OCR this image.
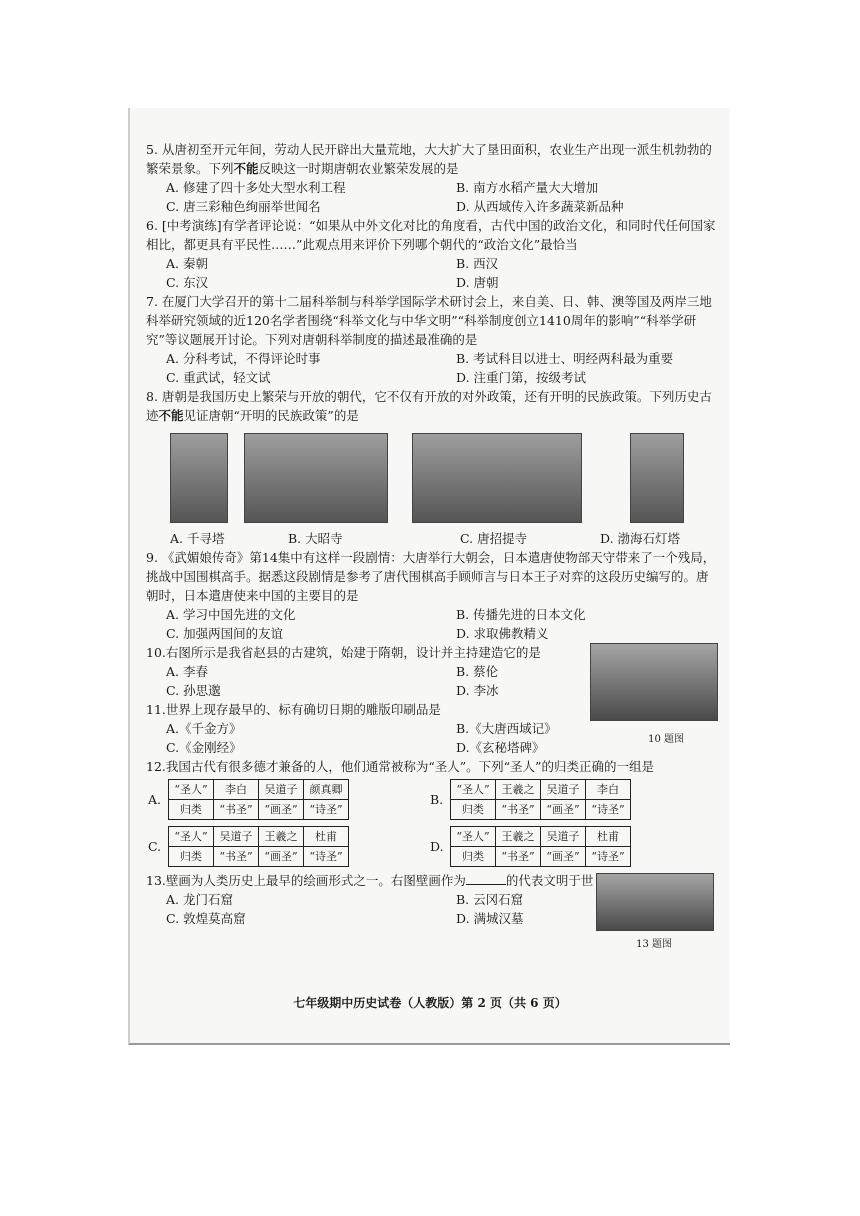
5. 从唐初至开元年间，劳动人民开辟出大量荒地，大大扩大了垦田面积，农业生产出现一派生机勃勃的繁荣景象。下列不能反映这一时期唐朝农业繁荣发展的是

A. 修建了四十多处大型水利工程	B. 南方水稻产量大大增加
C. 唐三彩釉色绚丽举世闻名	D. 从西域传入许多蔬菜新品种

6. [中考演练]有学者评论说：“如果从中外文化对比的角度看，古代中国的政治文化，和同时代任何国家相比，都更具有平民性……”此观点用来评价下列哪个朝代的“政治文化”最恰当

A. 秦朝	B. 西汉
C. 东汉	D. 唐朝

7. 在厦门大学召开的第十二届科举制与科举学国际学术研讨会上，来自美、日、韩、澳等国及两岸三地科举研究领域的近120名学者围绕“科举文化与中华文明”“科举制度创立1410周年的影响”“科举学研究”等议题展开讨论。下列对唐朝科举制度的描述最准确的是

A. 分科考试，不得评论时事	B. 考试科目以进士、明经两科最为重要
C. 重武试，轻文试	D. 注重门第，按级考试

8. 唐朝是我国历史上繁荣与开放的朝代，它不仅有开放的对外政策，还有开明的民族政策。下列历史古迹不能见证唐朝“开明的民族政策”的是

A. 千寻塔	B. 大昭寺	C. 唐招提寺	D. 渤海石灯塔

9. 《武媚娘传奇》第14集中有这样一段剧情：大唐举行大朝会，日本遣唐使物部天守带来了一个残局，挑战中国围棋高手。据悉这段剧情是参考了唐代围棋高手顾师言与日本王子对弈的这段历史编写的。唐朝时，日本遣唐使来中国的主要目的是

A. 学习中国先进的文化	B. 传播先进的日本文化
C. 加强两国间的友谊	D. 求取佛教精义

10.右图所示是我省赵县的古建筑，始建于隋朝，设计并主持建造它的是

A. 李春	B. 蔡伦
C. 孙思邈	D. 李冰
10 题图

11.世界上现存最早的、标有确切日期的雕版印刷品是

A.《千金方》	B.《大唐西域记》
C.《金刚经》	D.《玄秘塔碑》

12.我国古代有很多德才兼备的人，他们通常被称为“圣人”。下列“圣人”的归类正确的一组是

A.
“圣人”	李白	吴道子	颜真卿
归类	“书圣”	“画圣”	“诗圣”
B.
“圣人”	王羲之	吴道子	李白
归类	“书圣”	“画圣”	“诗圣”
C.
“圣人”	吴道子	王羲之	杜甫
归类	“书圣”	“画圣”	“诗圣”
D.
“圣人”	王羲之	吴道子	杜甫
归类	“书圣”	“画圣”	“诗圣”
13 题图

13.壁画为人类历史上最早的绘画形式之一。右图壁画作为	的代表文明于世

A. 龙门石窟	B. 云冈石窟
C. 敦煌莫高窟	D. 满城汉墓
七年级期中历史试卷（人教版）第 2 页（共 6 页）
